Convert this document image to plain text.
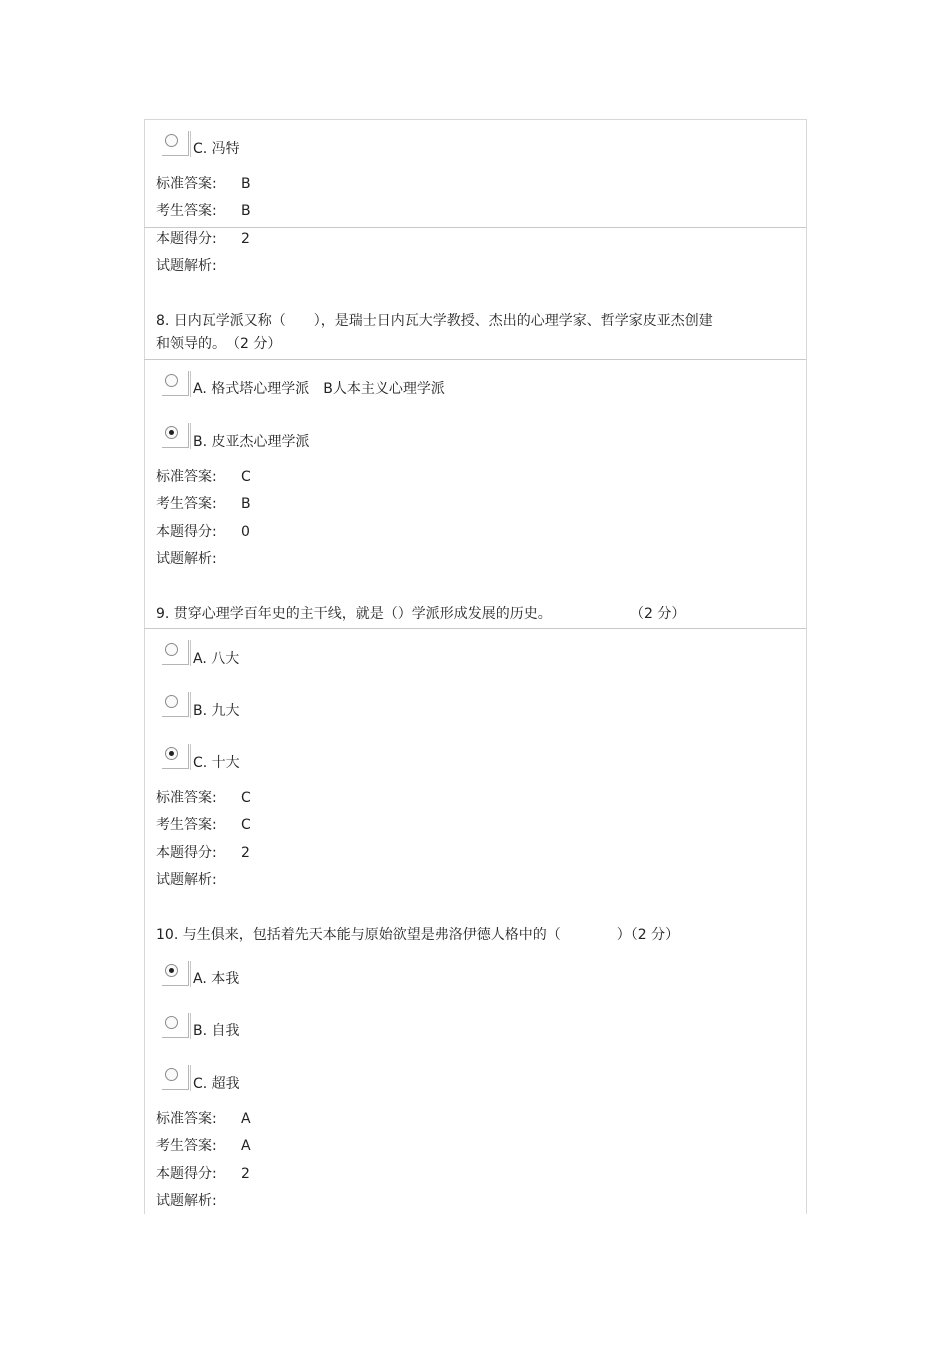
C. 冯特
标准答案: B
考生答案: B
本题得分: 2
试题解析:
8. 日内瓦学派又称（　　），是瑞士日内瓦大学教授、杰出的心理学家、哲学家皮亚杰创建
和领导的。　（2 分）
A. 格式塔心理学派　B人本主义心理学派
B. 皮亚杰心理学派
标准答案: C
考生答案: B
本题得分: 0
试题解析:
9. 贯穿心理学百年史的主干线，就是（）学派形成发展的历史。	（2 分）
A. 八大
B. 九大
C. 十大
标准答案: C
考生答案: C
本题得分: 2
试题解析:
10. 与生俱来，包括着先天本能与原始欲望是弗洛伊德人格中的（　　　　）（2 分）
A. 本我
B. 自我
C. 超我
标准答案: A
考生答案: A
本题得分: 2
试题解析:
